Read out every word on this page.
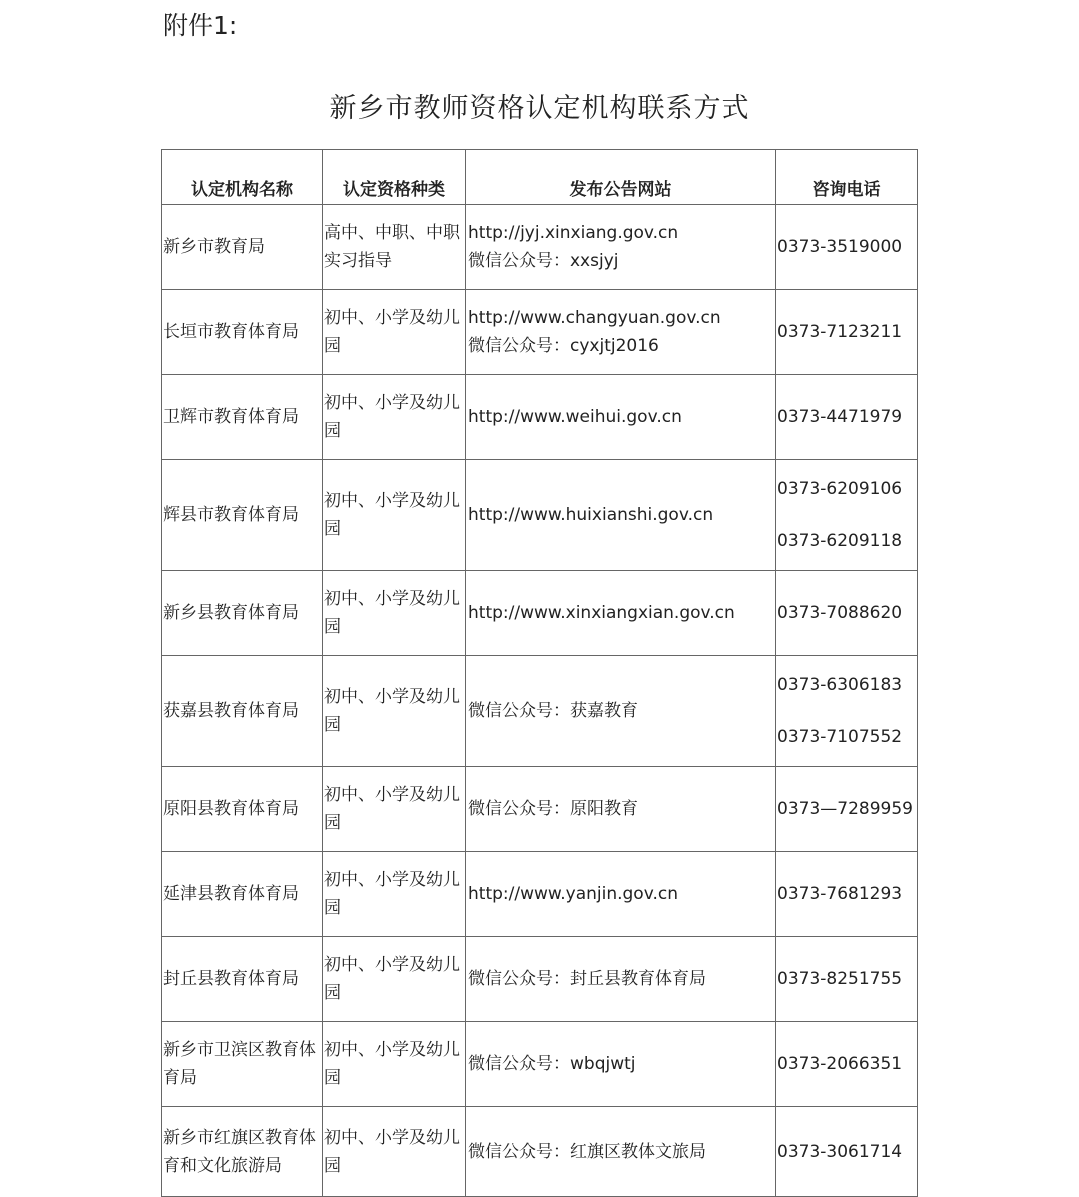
附件1:
新乡市教师资格认定机构联系方式
认定机构名称	认定资格种类	发布公告网站	咨询电话

新乡市教育局	高中、中职、中职实习指导	http://jyj.xinxiang.gov.cn
微信公众号：xxsjyj	0373-3519000

长垣市教育体育局	初中、小学及幼儿园	http://www.changyuan.gov.cn
微信公众号：cyxjtj2016	0373-7123211

卫辉市教育体育局	初中、小学及幼儿园	http://www.weihui.gov.cn	0373-4471979

辉县市教育体育局	初中、小学及幼儿园	http://www.huixianshi.gov.cn	0373-6209106
0373-6209118

新乡县教育体育局	初中、小学及幼儿园	http://www.xinxiangxian.gov.cn	0373-7088620

获嘉县教育体育局	初中、小学及幼儿园	微信公众号：获嘉教育	0373-6306183
0373-7107552

原阳县教育体育局	初中、小学及幼儿园	微信公众号：原阳教育	0373—7289959

延津县教育体育局	初中、小学及幼儿园	http://www.yanjin.gov.cn	0373-7681293

封丘县教育体育局	初中、小学及幼儿园	微信公众号：封丘县教育体育局	0373-8251755

新乡市卫滨区教育体育局	初中、小学及幼儿园	微信公众号：wbqjwtj	0373-2066351

新乡市红旗区教育体育和文化旅游局	初中、小学及幼儿园	微信公众号：红旗区教体文旅局	0373-3061714
